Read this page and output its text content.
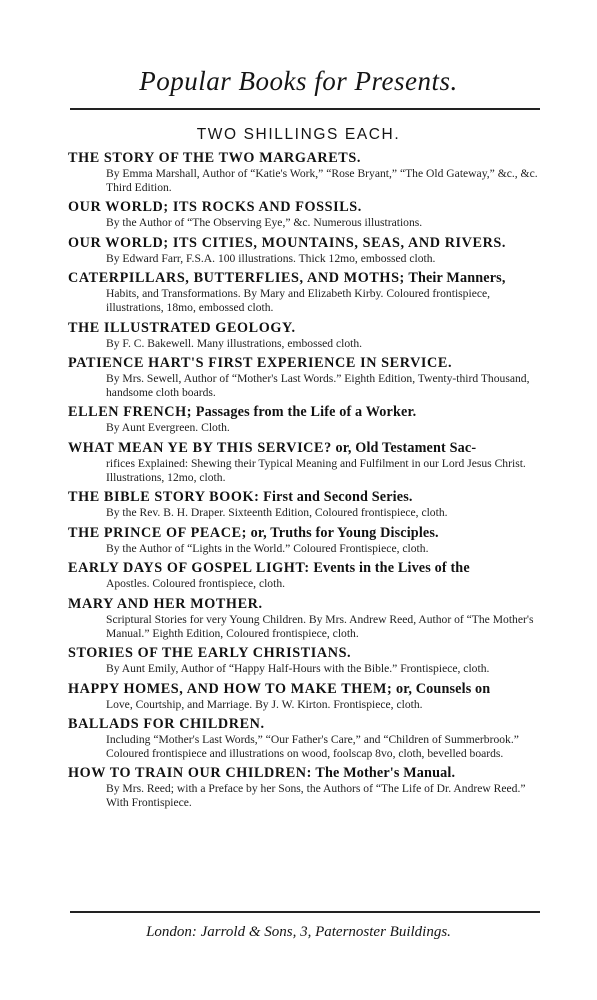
Popular Books for Presents.
TWO SHILLINGS EACH.
THE STORY OF THE TWO MARGARETS.
By Emma Marshall, Author of “Katie's Work,” “Rose Bryant,” “The Old Gateway,” &c., &c. Third Edition.
OUR WORLD; ITS ROCKS AND FOSSILS.
By the Author of “The Observing Eye,” &c. Numerous illustrations.
OUR WORLD; ITS CITIES, MOUNTAINS, SEAS, AND RIVERS.
By Edward Farr, F.S.A. 100 illustrations. Thick 12mo, embossed cloth.
CATERPILLARS, BUTTERFLIES, AND MOTHS; Their Manners,
Habits, and Transformations. By Mary and Elizabeth Kirby. Coloured frontispiece, illustrations, 18mo, embossed cloth.
THE ILLUSTRATED GEOLOGY.
By F. C. Bakewell. Many illustrations, embossed cloth.
PATIENCE HART'S FIRST EXPERIENCE IN SERVICE.
By Mrs. Sewell, Author of “Mother's Last Words.” Eighth Edition, Twenty-third Thousand, handsome cloth boards.
ELLEN FRENCH; Passages from the Life of a Worker.
By Aunt Evergreen. Cloth.
WHAT MEAN YE BY THIS SERVICE? or, Old Testament Sac-
rifices Explained: Shewing their Typical Meaning and Fulfilment in our Lord Jesus Christ. Illustrations, 12mo, cloth.
THE BIBLE STORY BOOK: First and Second Series.
By the Rev. B. H. Draper. Sixteenth Edition, Coloured frontispiece, cloth.
THE PRINCE OF PEACE; or, Truths for Young Disciples.
By the Author of “Lights in the World.” Coloured Frontispiece, cloth.
EARLY DAYS OF GOSPEL LIGHT: Events in the Lives of the
Apostles. Coloured frontispiece, cloth.
MARY AND HER MOTHER.
Scriptural Stories for very Young Children. By Mrs. Andrew Reed, Author of “The Mother's Manual.” Eighth Edition, Coloured frontispiece, cloth.
STORIES OF THE EARLY CHRISTIANS.
By Aunt Emily, Author of “Happy Half-Hours with the Bible.” Frontispiece, cloth.
HAPPY HOMES, AND HOW TO MAKE THEM; or, Counsels on
Love, Courtship, and Marriage. By J. W. Kirton. Frontispiece, cloth.
BALLADS FOR CHILDREN.
Including “Mother's Last Words,” “Our Father's Care,” and “Children of Summerbrook.” Coloured frontispiece and illustrations on wood, foolscap 8vo, cloth, bevelled boards.
HOW TO TRAIN OUR CHILDREN: The Mother's Manual.
By Mrs. Reed; with a Preface by her Sons, the Authors of “The Life of Dr. Andrew Reed.” With Frontispiece.
London: Jarrold & Sons, 3, Paternoster Buildings.
